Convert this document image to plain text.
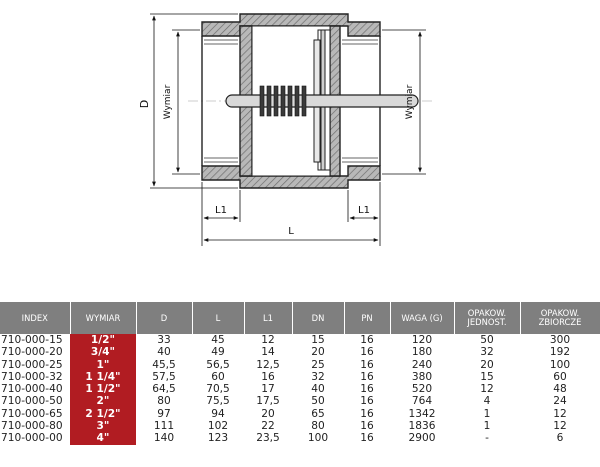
D Wymiar	Wymiar
L1	L1
L
INDEX	WYMIAR	D	L	L1	DN	PN	WAGA (G)	OPAKOW. JEDNOST.	OPAKOW. ZBIORCZE
710-000-15	1/2"	33	45	12	15	16	120	50	300
710-000-20	3/4"	40	49	14	20	16	180	32	192
710-000-25	1"	45,5	56,5	12,5	25	16	240	20	100
710-000-32	1 1/4"	57,5	60	16	32	16	380	15	60
710-000-40	1 1/2"	64,5	70,5	17	40	16	520	12	48
710-000-50	2"	80	75,5	17,5	50	16	764	4	24
710-000-65	2 1/2"	97	94	20	65	16	1342	1	12
710-000-80	3"	111	102	22	80	16	1836	1	12
710-000-00	4"	140	123	23,5	100	16	2900	-	6
